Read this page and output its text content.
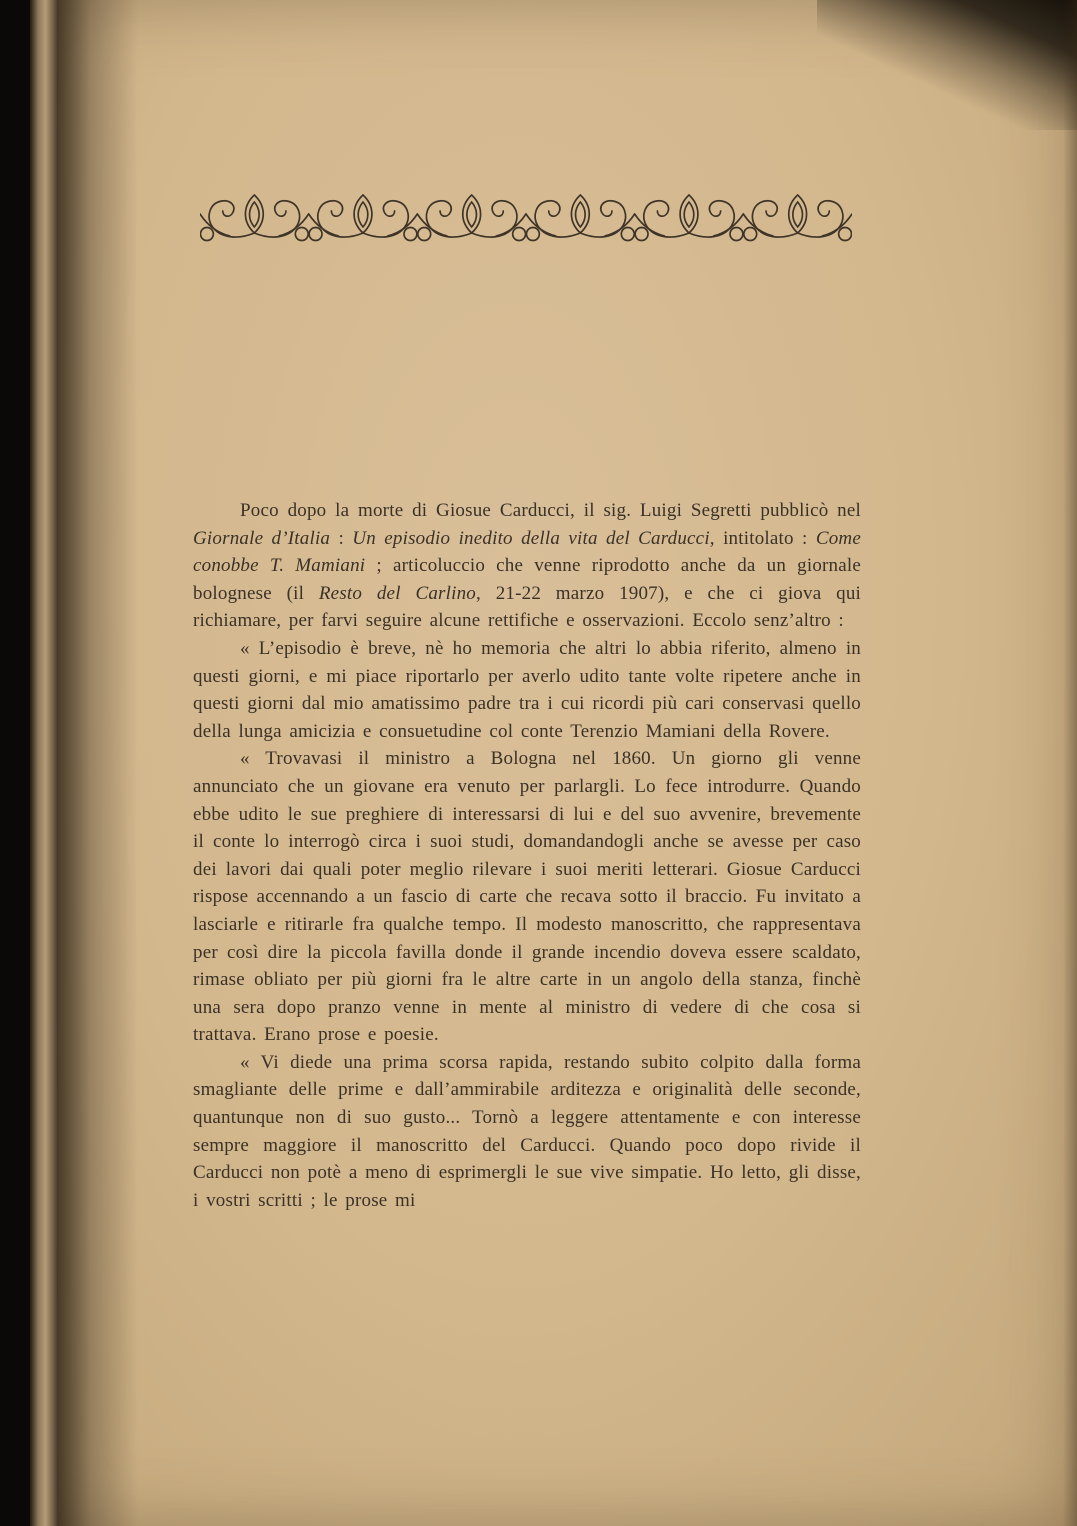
Poco dopo la morte di Giosue Carducci, il sig. Luigi Segretti pubblicò nel Giornale d’Italia : Un episodio inedito della vita del Carducci, intitolato : Come conobbe T. Mamiani ; articoluccio che venne riprodotto anche da un giornale bolognese (il Resto del Carlino, 21-22 marzo 1907), e che ci giova qui richiamare, per farvi seguire alcune rettifiche e osservazioni. Eccolo senz’altro :

« L’episodio è breve, nè ho memoria che altri lo abbia riferito, almeno in questi giorni, e mi piace riportarlo per averlo udito tante volte ripetere anche in questi giorni dal mio amatissimo padre tra i cui ricordi più cari conservasi quello della lunga amicizia e consuetudine col conte Terenzio Mamiani della Rovere.

« Trovavasi il ministro a Bologna nel 1860. Un giorno gli venne annunciato che un giovane era venuto per parlargli. Lo fece introdurre. Quando ebbe udito le sue preghiere di interessarsi di lui e del suo avvenire, brevemente il conte lo interrogò circa i suoi studi, domandandogli anche se avesse per caso dei lavori dai quali poter meglio rilevare i suoi meriti letterari. Giosue Carducci rispose accennando a un fascio di carte che recava sotto il braccio. Fu invitato a lasciarle e ritirarle fra qualche tempo. Il modesto manoscritto, che rappresentava per così dire la piccola favilla donde il grande incendio doveva essere scaldato, rimase obliato per più giorni fra le altre carte in un angolo della stanza, finchè una sera dopo pranzo venne in mente al ministro di vedere di che cosa si trattava. Erano prose e poesie.

« Vi diede una prima scorsa rapida, restando subito colpito dalla forma smagliante delle prime e dall’ammirabile arditezza e originalità delle seconde, quantunque non di suo gusto... Tornò a leggere attentamente e con interesse sempre maggiore il manoscritto del Carducci. Quando poco dopo rivide il Carducci non potè a meno di esprimergli le sue vive simpatie. Ho letto, gli disse, i vostri scritti ; le prose mi
